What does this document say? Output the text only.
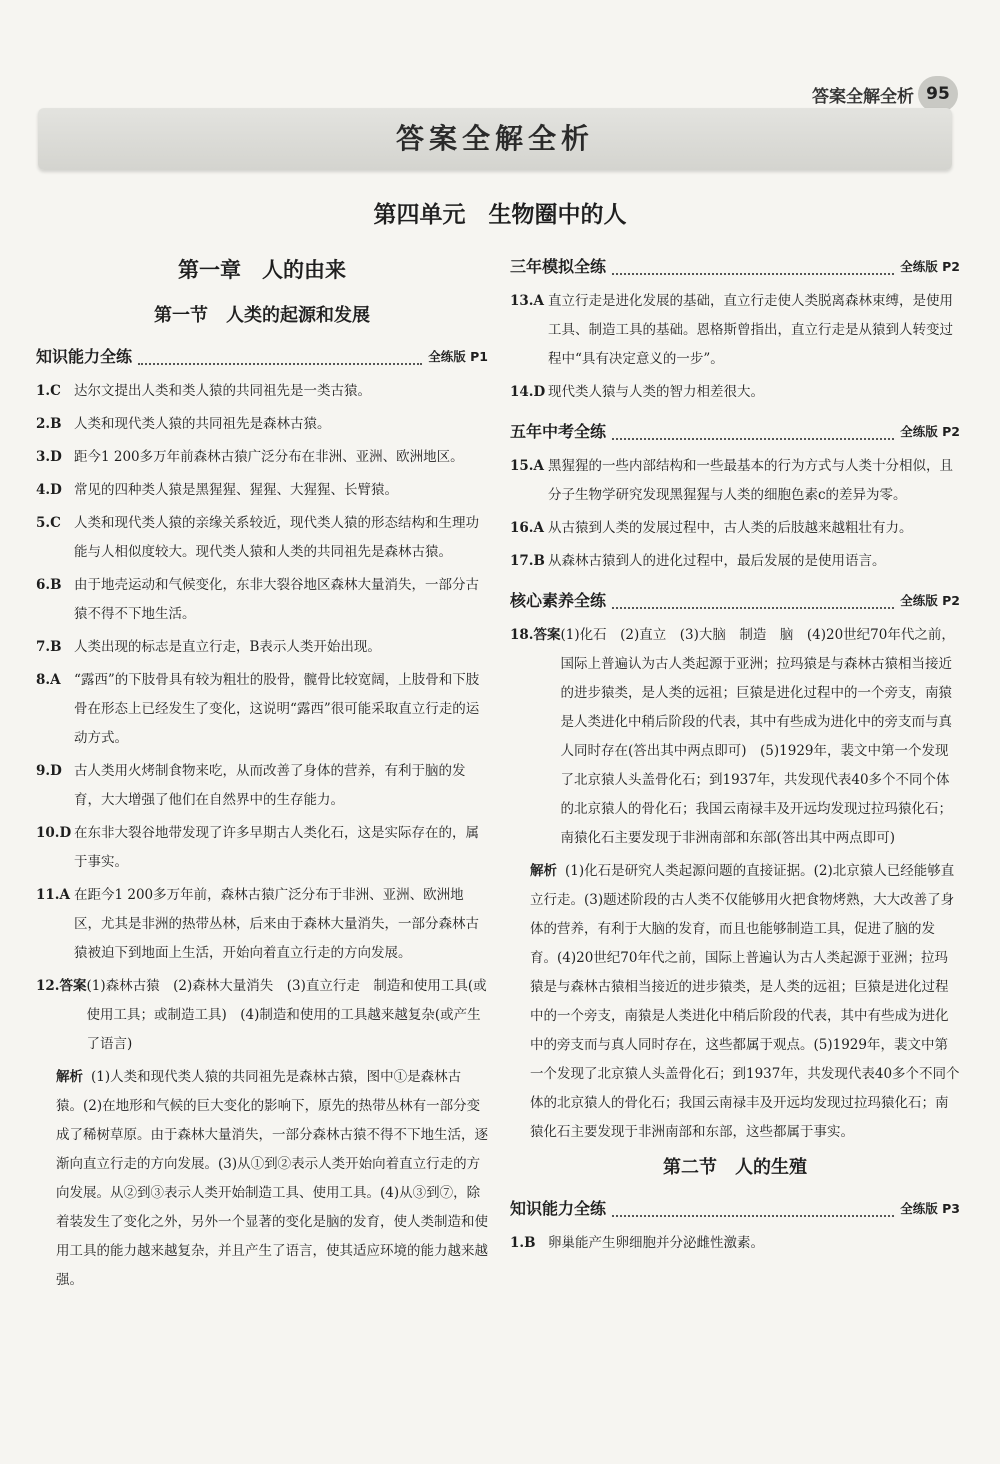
答案全解全析 95
答案全解全析
第四单元　生物圈中的人
第一章　人的由来
第一节　人类的起源和发展
知识能力全练	全练版 P1
1.C 达尔文提出人类和类人猿的共同祖先是一类古猿。
2.B 人类和现代类人猿的共同祖先是森林古猿。
3.D 距今1 200多万年前森林古猿广泛分布在非洲、亚洲、欧洲地区。
4.D 常见的四种类人猿是黑猩猩、猩猩、大猩猩、长臂猿。
5.C 人类和现代类人猿的亲缘关系较近，现代类人猿的形态结构和生理功能与人相似度较大。现代类人猿和人类的共同祖先是森林古猿。
6.B 由于地壳运动和气候变化，东非大裂谷地区森林大量消失，一部分古猿不得不下地生活。
7.B 人类出现的标志是直立行走，B表示人类开始出现。
8.A “露西”的下肢骨具有较为粗壮的股骨，髋骨比较宽阔，上肢骨和下肢骨在形态上已经发生了变化，这说明“露西”很可能采取直立行走的运动方式。
9.D 古人类用火烤制食物来吃，从而改善了身体的营养，有利于脑的发育，大大增强了他们在自然界中的生存能力。
10.D 在东非大裂谷地带发现了许多早期古人类化石，这是实际存在的，属于事实。
11.A 在距今1 200多万年前，森林古猿广泛分布于非洲、亚洲、欧洲地区，尤其是非洲的热带丛林，后来由于森林大量消失，一部分森林古猿被迫下到地面上生活，开始向着直立行走的方向发展。
12.答案 (1)森林古猿　(2)森林大量消失　(3)直立行走　制造和使用工具(或使用工具；或制造工具)　(4)制造和使用的工具越来越复杂(或产生了语言)
解析 (1)人类和现代类人猿的共同祖先是森林古猿，图中①是森林古猿。(2)在地形和气候的巨大变化的影响下，原先的热带丛林有一部分变成了稀树草原。由于森林大量消失，一部分森林古猿不得不下地生活，逐渐向直立行走的方向发展。(3)从①到②表示人类开始向着直立行走的方向发展。从②到③表示人类开始制造工具、使用工具。(4)从③到⑦，除着装发生了变化之外，另外一个显著的变化是脑的发育，使人类制造和使用工具的能力越来越复杂，并且产生了语言，使其适应环境的能力越来越强。
三年模拟全练	全练版 P2
13.A 直立行走是进化发展的基础，直立行走使人类脱离森林束缚，是使用工具、制造工具的基础。恩格斯曾指出，直立行走是从猿到人转变过程中“具有决定意义的一步”。
14.D 现代类人猿与人类的智力相差很大。
五年中考全练	全练版 P2
15.A 黑猩猩的一些内部结构和一些最基本的行为方式与人类十分相似，且分子生物学研究发现黑猩猩与人类的细胞色素c的差异为零。
16.A 从古猿到人类的发展过程中，古人类的后肢越来越粗壮有力。
17.B 从森林古猿到人的进化过程中，最后发展的是使用语言。
核心素养全练	全练版 P2
18.答案 (1)化石　(2)直立　(3)大脑　制造　脑　(4)20世纪70年代之前，国际上普遍认为古人类起源于亚洲；拉玛猿是与森林古猿相当接近的进步猿类，是人类的远祖；巨猿是进化过程中的一个旁支，南猿是人类进化中稍后阶段的代表，其中有些成为进化中的旁支而与真人同时存在(答出其中两点即可)　(5)1929年，裴文中第一个发现了北京猿人头盖骨化石；到1937年，共发现代表40多个不同个体的北京猿人的骨化石；我国云南禄丰及开远均发现过拉玛猿化石；南猿化石主要发现于非洲南部和东部(答出其中两点即可)
解析 (1)化石是研究人类起源问题的直接证据。(2)北京猿人已经能够直立行走。(3)题述阶段的古人类不仅能够用火把食物烤熟，大大改善了身体的营养，有利于大脑的发育，而且也能够制造工具，促进了脑的发育。(4)20世纪70年代之前，国际上普遍认为古人类起源于亚洲；拉玛猿是与森林古猿相当接近的进步猿类，是人类的远祖；巨猿是进化过程中的一个旁支，南猿是人类进化中稍后阶段的代表，其中有些成为进化中的旁支而与真人同时存在，这些都属于观点。(5)1929年，裴文中第一个发现了北京猿人头盖骨化石；到1937年，共发现代表40多个不同个体的北京猿人的骨化石；我国云南禄丰及开远均发现过拉玛猿化石；南猿化石主要发现于非洲南部和东部，这些都属于事实。
第二节　人的生殖
知识能力全练	全练版 P3
1.B 卵巢能产生卵细胞并分泌雌性激素。
